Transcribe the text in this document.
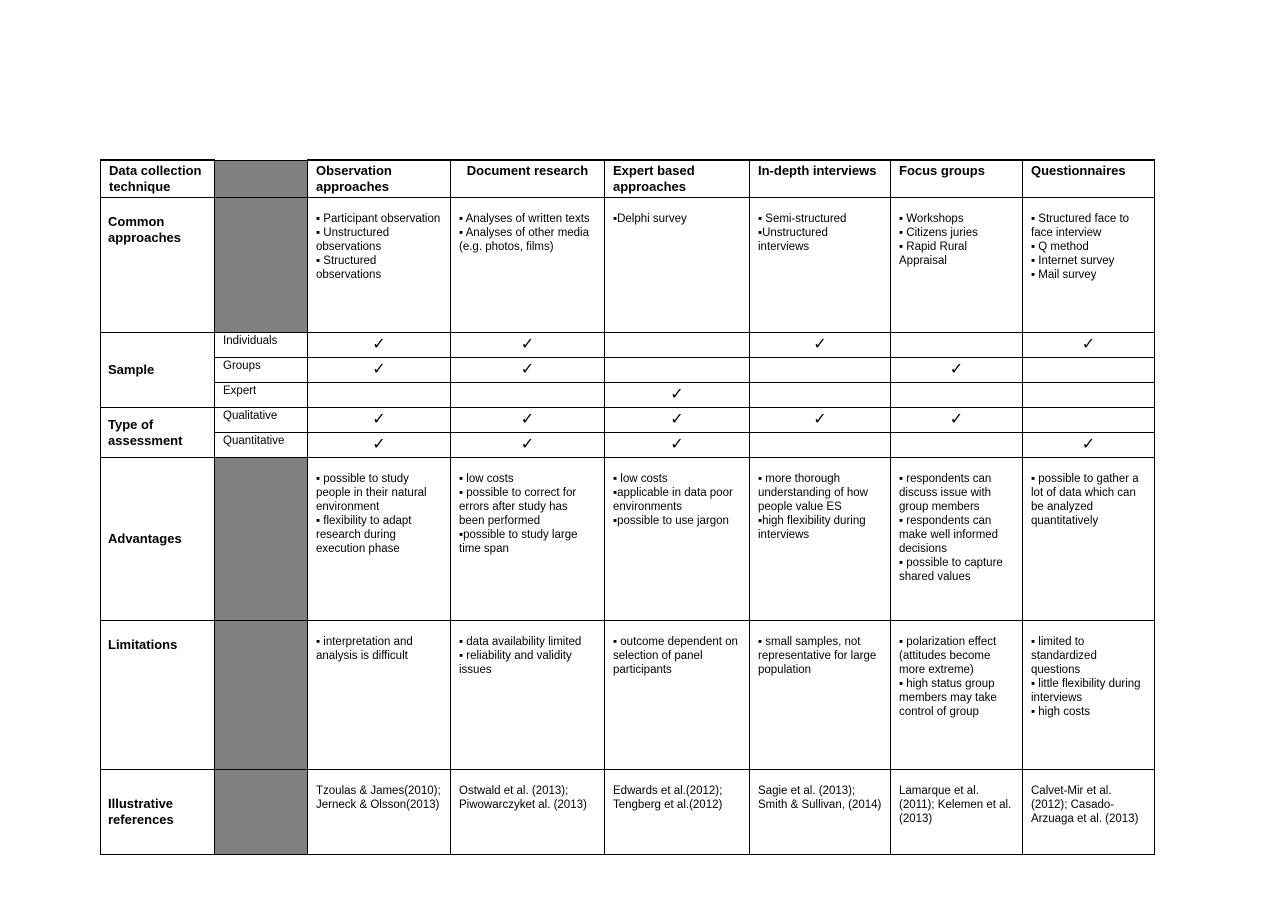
Data collection technique		Observation approaches	Document research	Expert based approaches	In-depth interviews	Focus groups	Questionnaires
Common approaches		▪ Participant observation
▪ Unstructured observations
▪ Structured observations	▪ Analyses of written texts
▪ Analyses of other media (e.g. photos, films)	▪Delphi survey	▪ Semi-structured
▪Unstructured interviews	▪ Workshops
▪ Citizens juries
▪ Rapid Rural Appraisal	▪ Structured face to face interview
▪ Q method
▪ Internet survey
▪ Mail survey

Sample	Individuals	✓	✓		✓		✓
	Groups	✓	✓			✓	
	Expert			✓			
Type of assessment	Qualitative	✓	✓	✓	✓	✓	
	Quantitative	✓	✓	✓			✓
Advantages		▪ possible to study people in their natural environment
▪ flexibility to adapt research during execution phase	▪ low costs
▪ possible to correct for errors after study has been performed
▪possible to study large time span	▪ low costs
▪applicable in data poor environments
▪possible to use jargon	▪ more thorough understanding of how people value ES
▪high flexibility during interviews	▪ respondents can discuss issue with group members
▪ respondents can make well informed decisions
▪ possible to capture shared values	▪ possible to gather a lot of data which can be analyzed quantitatively

Limitations		▪ interpretation and analysis is difficult	▪ data availability limited
▪ reliability and validity issues	▪ outcome dependent on selection of panel participants	▪ small samples, not representative for large population	▪ polarization effect (attitudes become more extreme)
▪ high status group members may take control of group	▪ limited to standardized questions
▪ little flexibility during interviews
▪ high costs

Illustrative references		Tzoulas & James(2010); Jerneck & Olsson(2013)	Ostwald et al. (2013); Piwowarczyket al. (2013)	Edwards et al.(2012); Tengberg et al.(2012)	Sagie et al. (2013); Smith & Sullivan, (2014)	Lamarque et al. (2011); Kelemen et al.(2013)	Calvet-Mir et al. (2012); Casado-Arzuaga et al. (2013)
